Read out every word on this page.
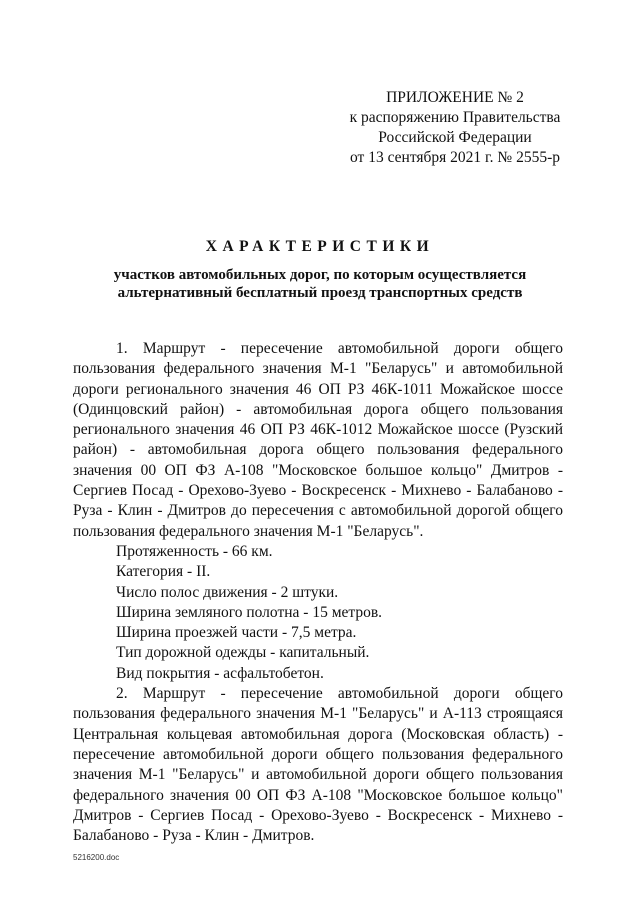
ПРИЛОЖЕНИЕ № 2
к распоряжению Правительства
Российской Федерации
от 13 сентября 2021 г. № 2555-р
ХАРАКТЕРИСТИКИ
участков автомобильных дорог, по которым осуществляется
альтернативный бесплатный проезд транспортных средств

1. Маршрут - пересечение автомобильной дороги общего пользования федерального значения М-1 "Беларусь" и автомобильной дороги регионального значения 46 ОП РЗ 46К-1011 Можайское шоссе (Одинцовский район) - автомобильная дорога общего пользования регионального значения 46 ОП РЗ 46К-1012 Можайское шоссе (Рузский район) - автомобильная дорога общего пользования федерального значения 00 ОП ФЗ А-108 "Московское большое кольцо" Дмитров - Сергиев Посад - Орехово-Зуево - Воскресенск - Михнево - Балабаново - Руза - Клин - Дмитров до пересечения с автомобильной дорогой общего пользования федерального значения М-1 "Беларусь".

Протяженность - 66 км.

Категория - II.

Число полос движения - 2 штуки.

Ширина земляного полотна - 15 метров.

Ширина проезжей части - 7,5 метра.

Тип дорожной одежды - капитальный.

Вид покрытия - асфальтобетон.

2. Маршрут - пересечение автомобильной дороги общего пользования федерального значения М-1 "Беларусь" и А-113 строящаяся Центральная кольцевая автомобильная дорога (Московская область) - пересечение автомобильной дороги общего пользования федерального значения М-1 "Беларусь" и автомобильной дороги общего пользования федерального значения 00 ОП ФЗ А-108 "Московское большое кольцо" Дмитров - Сергиев Посад - Орехово-Зуево - Воскресенск - Михнево - Балабаново - Руза - Клин - Дмитров.

5216200.doc
